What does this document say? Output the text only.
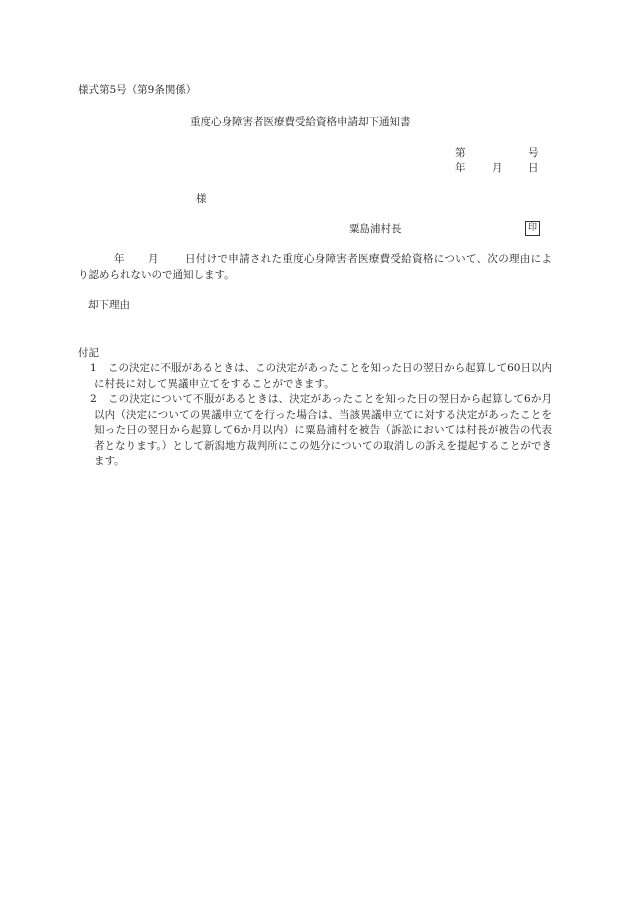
様式第5号（第9条関係）
重度心身障害者医療費受給資格申請却下通知書
第	号
年	月 日
様
粟島浦村長	印
年 月	日付けで申請された重度心身障害者医療費受給資格について、次の理由により認められないので通知します。
却下理由
付記
1	この決定に不服があるときは、この決定があったことを知った日の翌日から起算して60日以内に村長に対して異議申立てをすることができます。
2	この決定について不服があるときは、決定があったことを知った日の翌日から起算して6か月以内（決定についての異議申立てを行った場合は、当該異議申立てに対する決定があったことを知った日の翌日から起算して6か月以内）に粟島浦村を被告（訴訟においては村長が被告の代表者となります。）として新潟地方裁判所にこの処分についての取消しの訴えを提起することができます。
